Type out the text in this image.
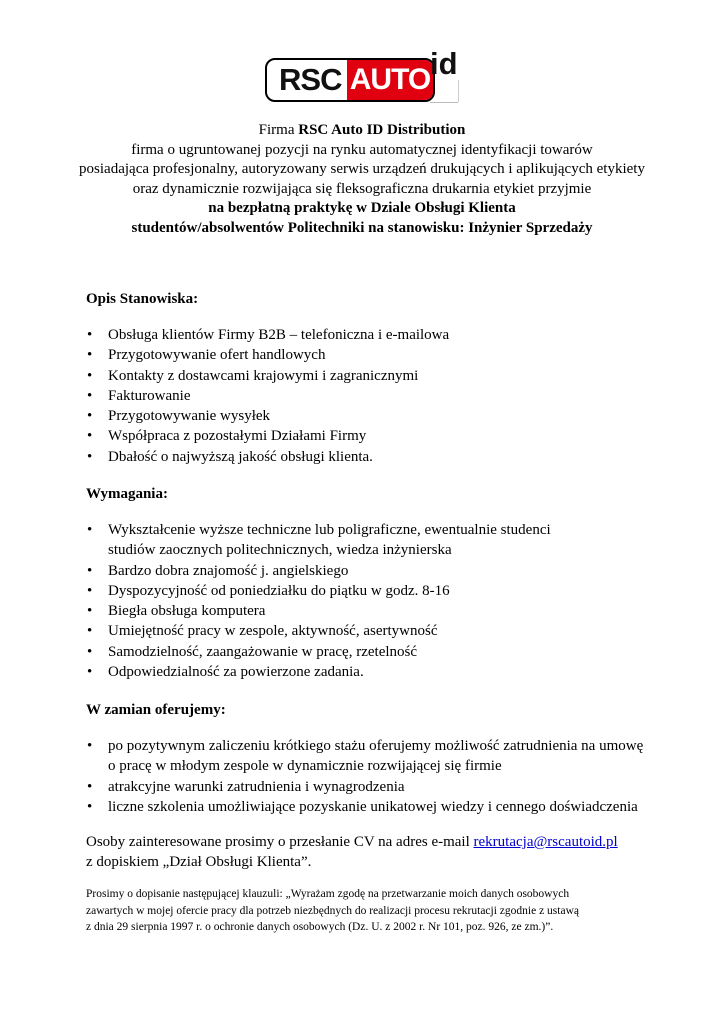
RSC AUTO id
Firma RSC Auto ID Distribution
firma o ugruntowanej pozycji na rynku automatycznej identyfikacji towarów
posiadająca profesjonalny, autoryzowany serwis urządzeń drukujących i aplikujących etykiety
oraz dynamicznie rozwijająca się fleksograficzna drukarnia etykiet przyjmie
na bezpłatną praktykę w Dziale Obsługi Klienta
studentów/absolwentów Politechniki na stanowisku: Inżynier Sprzedaży
Opis Stanowiska:
• Obsługa klientów Firmy B2B – telefoniczna i e-mailowa
• Przygotowywanie ofert handlowych
• Kontakty z dostawcami krajowymi i zagranicznymi
• Fakturowanie
• Przygotowywanie wysyłek
• Współpraca z pozostałymi Działami Firmy
• Dbałość o najwyższą jakość obsługi klienta.
Wymagania:
• Wykształcenie wyższe techniczne lub poligraficzne, ewentualnie studenci
studiów zaocznych politechnicznych, wiedza inżynierska
• Bardzo dobra znajomość j. angielskiego
• Dyspozycyjność od poniedziałku do piątku w godz. 8-16
• Biegła obsługa komputera
• Umiejętność pracy w zespole, aktywność, asertywność
• Samodzielność, zaangażowanie w pracę, rzetelność
• Odpowiedzialność za powierzone zadania.
W zamian oferujemy:
• po pozytywnym zaliczeniu krótkiego stażu oferujemy możliwość zatrudnienia na umowę
o pracę w młodym zespole w dynamicznie rozwijającej się firmie
• atrakcyjne warunki zatrudnienia i wynagrodzenia
• liczne szkolenia umożliwiające pozyskanie unikatowej wiedzy i cennego doświadczenia
Osoby zainteresowane prosimy o przesłanie CV na adres e-mail rekrutacja@rscautoid.pl
z dopiskiem „Dział Obsługi Klienta”.
Prosimy o dopisanie następującej klauzuli: „Wyrażam zgodę na przetwarzanie moich danych osobowych
zawartych w mojej ofercie pracy dla potrzeb niezbędnych do realizacji procesu rekrutacji zgodnie z ustawą
z dnia 29 sierpnia 1997 r. o ochronie danych osobowych (Dz. U. z 2002 r. Nr 101, poz. 926, ze zm.)”.
